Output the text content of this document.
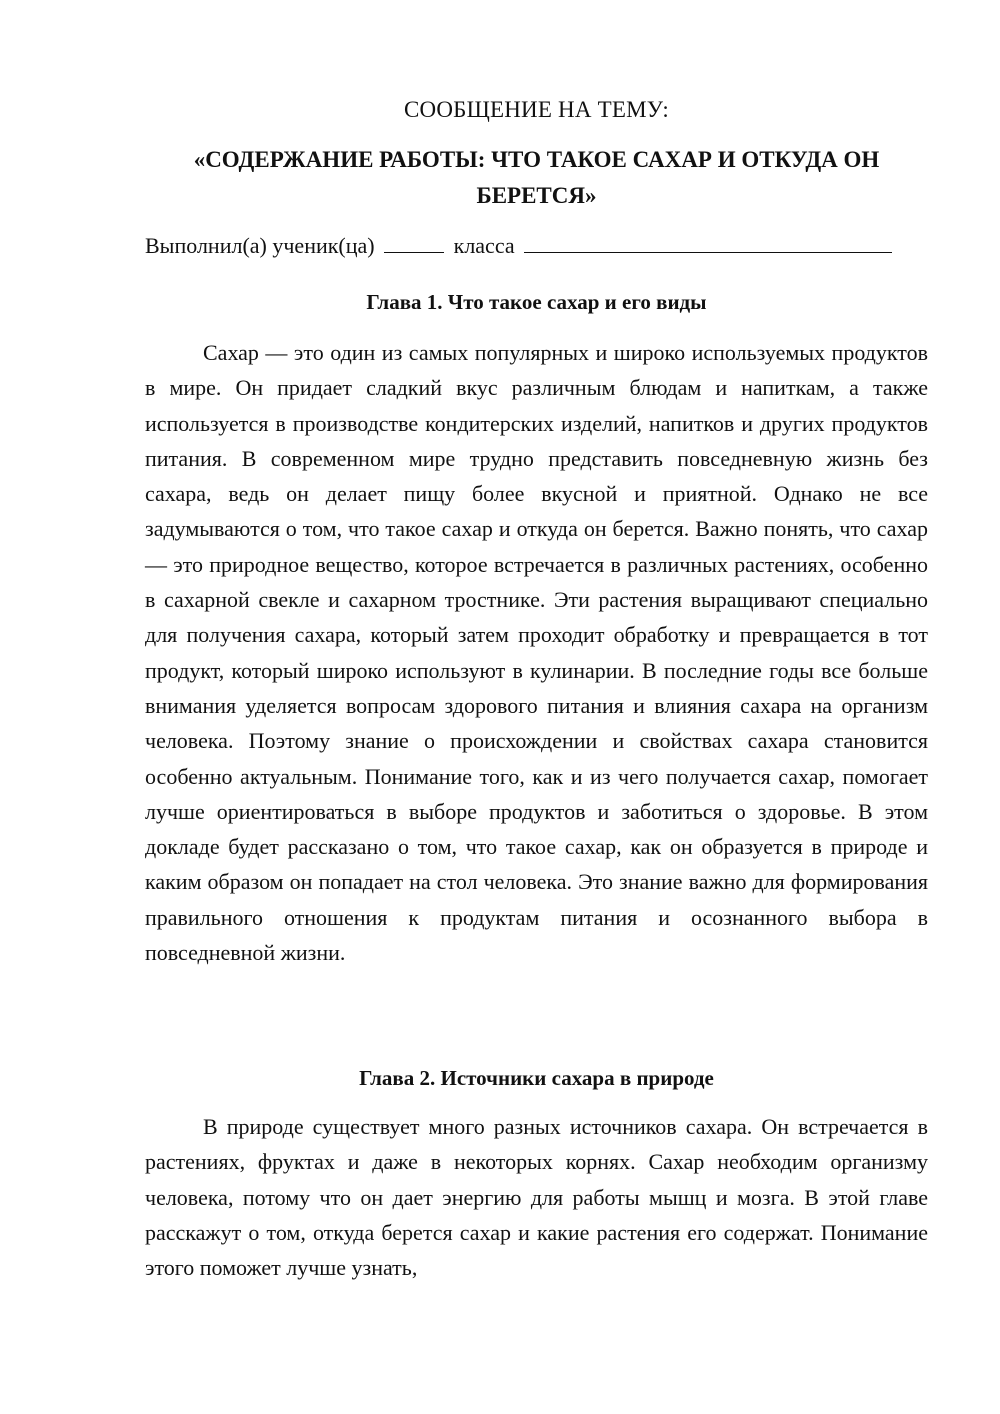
СООБЩЕНИЕ НА ТЕМУ:
«СОДЕРЖАНИЕ РАБОТЫ: ЧТО ТАКОЕ САХАР И ОТКУДА ОН БЕРЕТСЯ»
Выполнил(а) ученик(ца)	класса
Глава 1. Что такое сахар и его виды
Сахар — это один из самых популярных и широко используемых продуктов в мире. Он придает сладкий вкус различным блюдам и напиткам, а также используется в производстве кондитерских изделий, напитков и других продуктов питания. В современном мире трудно представить повседневную жизнь без сахара, ведь он делает пищу более вкусной и приятной. Однако не все задумываются о том, что такое сахар и откуда он берется. Важно понять, что сахар — это природное вещество, которое встречается в различных растениях, особенно в сахарной свекле и сахарном тростнике. Эти растения выращивают специально для получения сахара, который затем проходит обработку и превращается в тот продукт, который широко используют в кулинарии. В последние годы все больше внимания уделяется вопросам здорового питания и влияния сахара на организм человека. Поэтому знание о происхождении и свойствах сахара становится особенно актуальным. Понимание того, как и из чего получается сахар, помогает лучше ориентироваться в выборе продуктов и заботиться о здоровье. В этом докладе будет рассказано о том, что такое сахар, как он образуется в природе и каким образом он попадает на стол человека. Это знание важно для формирования правильного отношения к продуктам питания и осознанного выбора в повседневной жизни.
Глава 2. Источники сахара в природе
В природе существует много разных источников сахара. Он встречается в растениях, фруктах и даже в некоторых корнях. Сахар необходим организму человека, потому что он дает энергию для работы мышц и мозга. В этой главе расскажут о том, откуда берется сахар и какие растения его содержат. Понимание этого поможет лучше узнать,
